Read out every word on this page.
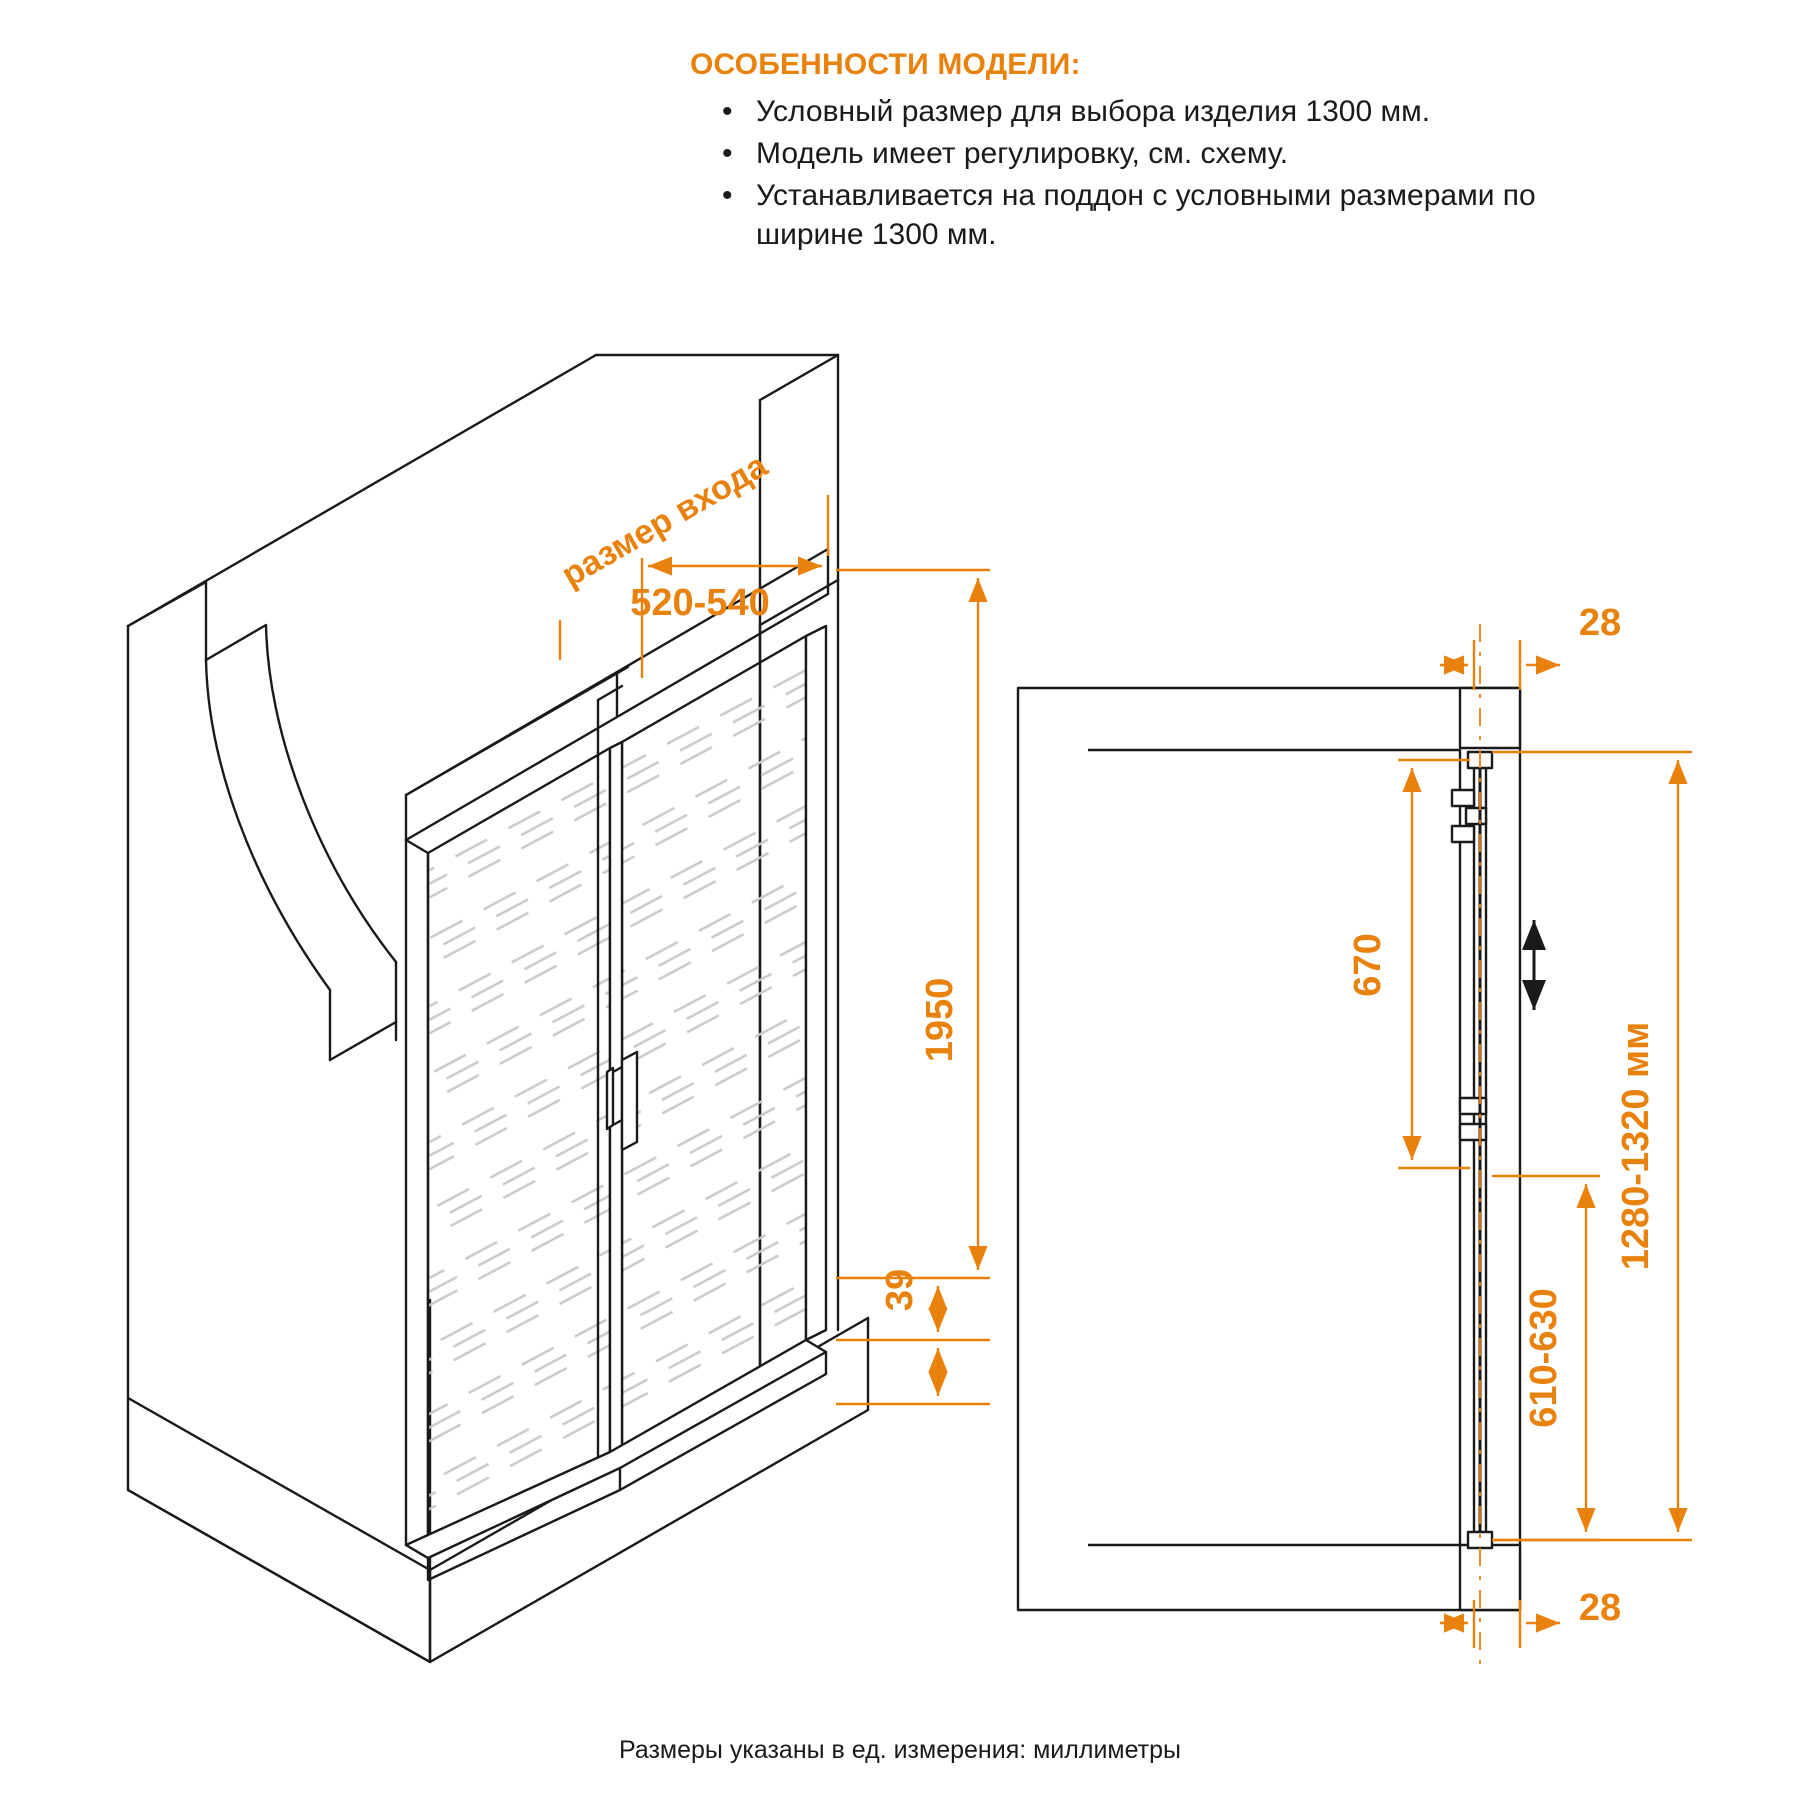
ОСОБЕННОСТИ МОДЕЛИ:
• Условный размер для выбора изделия 1300 мм.
• Модель имеет регулировку, см. схему.
• Устанавливается на поддон с условными размерами по ширине 1300 мм.
размер входа
520-540
1950
39
28
28
670
610-630
1280-1320 мм
Размеры указаны в ед. измерения: миллиметры
